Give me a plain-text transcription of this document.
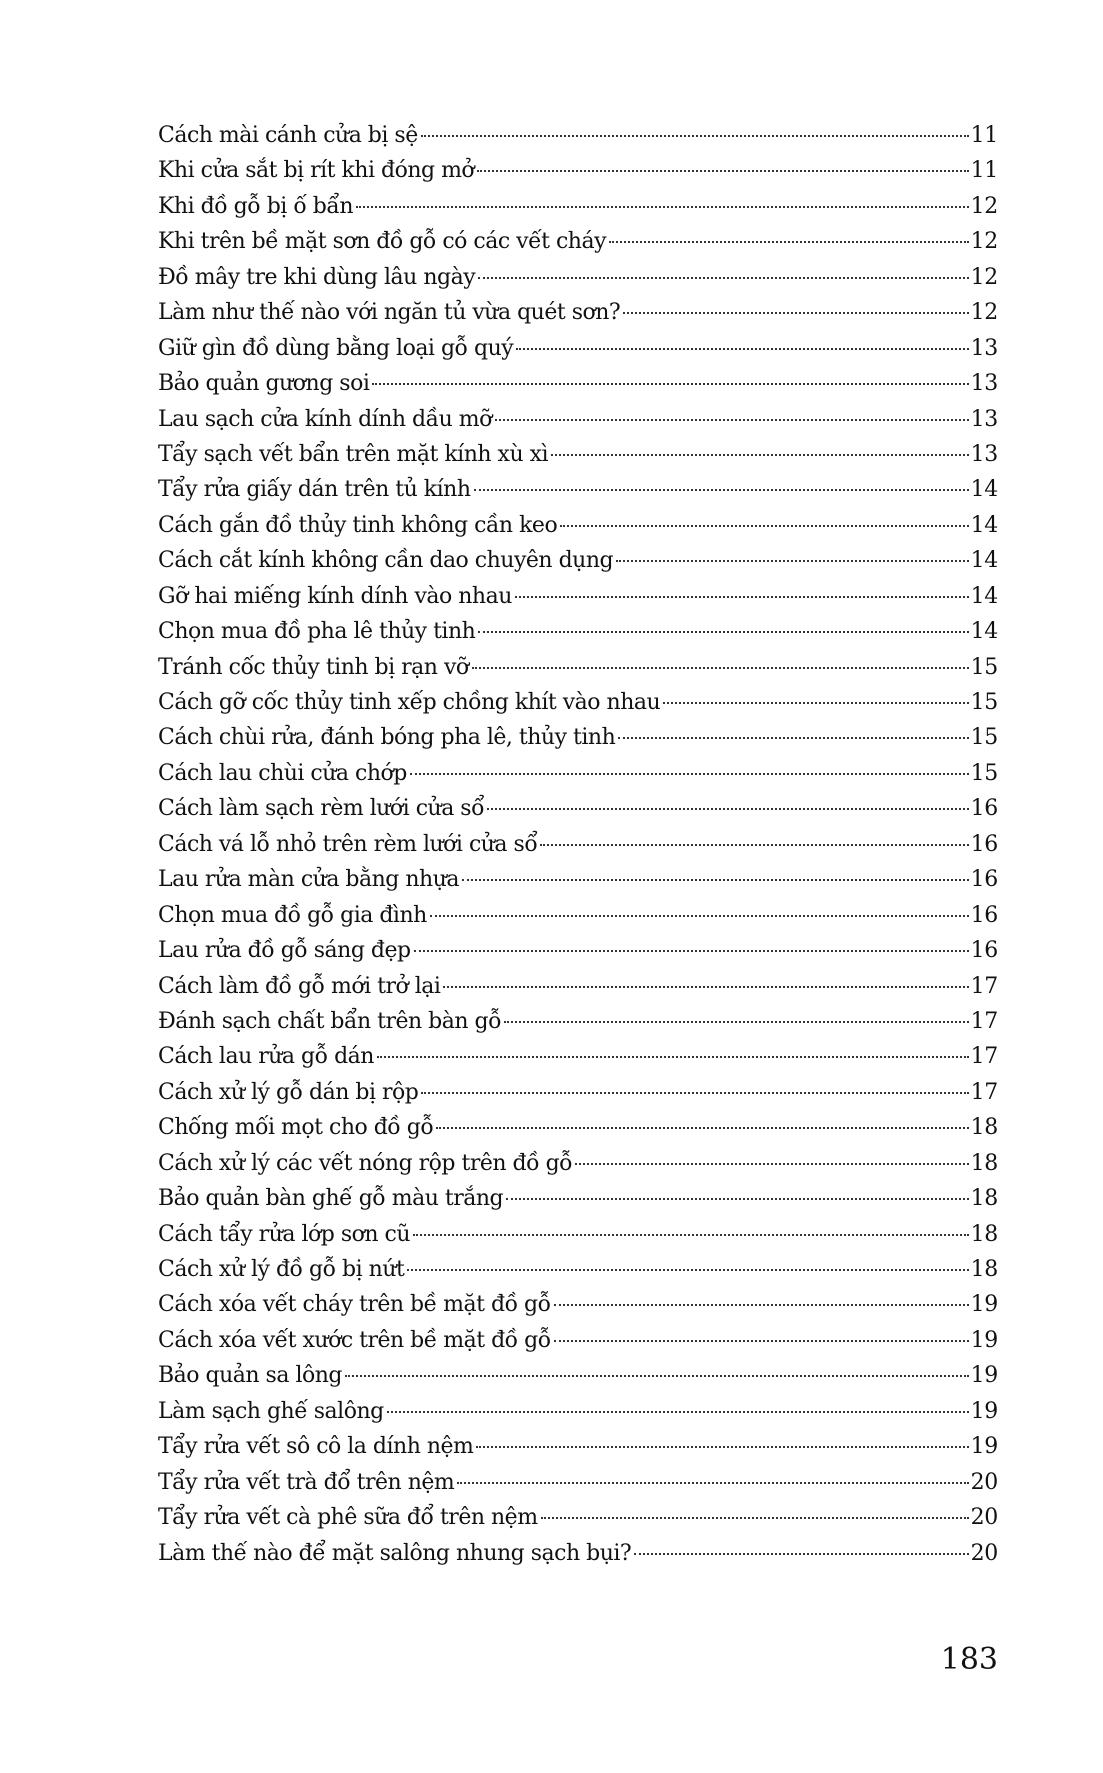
Cách mài cánh cửa bị sệ	11
Khi cửa sắt bị rít khi đóng mở	11
Khi đồ gỗ bị ố bẩn	12
Khi trên bề mặt sơn đồ gỗ có các vết cháy	12
Đồ mây tre khi dùng lâu ngày	12
Làm như thế nào với ngăn tủ vừa quét sơn?	12
Giữ gìn đồ dùng bằng loại gỗ quý	13
Bảo quản gương soi	13
Lau sạch cửa kính dính dầu mỡ	13
Tẩy sạch vết bẩn trên mặt kính xù xì	13
Tẩy rửa giấy dán trên tủ kính	14
Cách gắn đồ thủy tinh không cần keo	14
Cách cắt kính không cần dao chuyên dụng	14
Gỡ hai miếng kính dính vào nhau	14
Chọn mua đồ pha lê thủy tinh	14
Tránh cốc thủy tinh bị rạn vỡ	15
Cách gỡ cốc thủy tinh xếp chồng khít vào nhau	15
Cách chùi rửa, đánh bóng pha lê, thủy tinh	15
Cách lau chùi cửa chớp	15
Cách làm sạch rèm lưới cửa sổ	16
Cách vá lỗ nhỏ trên rèm lưới cửa sổ	16
Lau rửa màn cửa bằng nhựa	16
Chọn mua đồ gỗ gia đình	16
Lau rửa đồ gỗ sáng đẹp	16
Cách làm đồ gỗ mới trở lại	17
Đánh sạch chất bẩn trên bàn gỗ	17
Cách lau rửa gỗ dán	17
Cách xử lý gỗ dán bị rộp	17
Chống mối mọt cho đồ gỗ	18
Cách xử lý các vết nóng rộp trên đồ gỗ	18
Bảo quản bàn ghế gỗ màu trắng	18
Cách tẩy rửa lớp sơn cũ	18
Cách xử lý đồ gỗ bị nứt	18
Cách xóa vết cháy trên bề mặt đồ gỗ	19
Cách xóa vết xước trên bề mặt đồ gỗ	19
Bảo quản sa lông	19
Làm sạch ghế salông	19
Tẩy rửa vết sô cô la dính nệm	19
Tẩy rửa vết trà đổ trên nệm	20
Tẩy rửa vết cà phê sữa đổ trên nệm	20
Làm thế nào để mặt salông nhung sạch bụi?	20
183
